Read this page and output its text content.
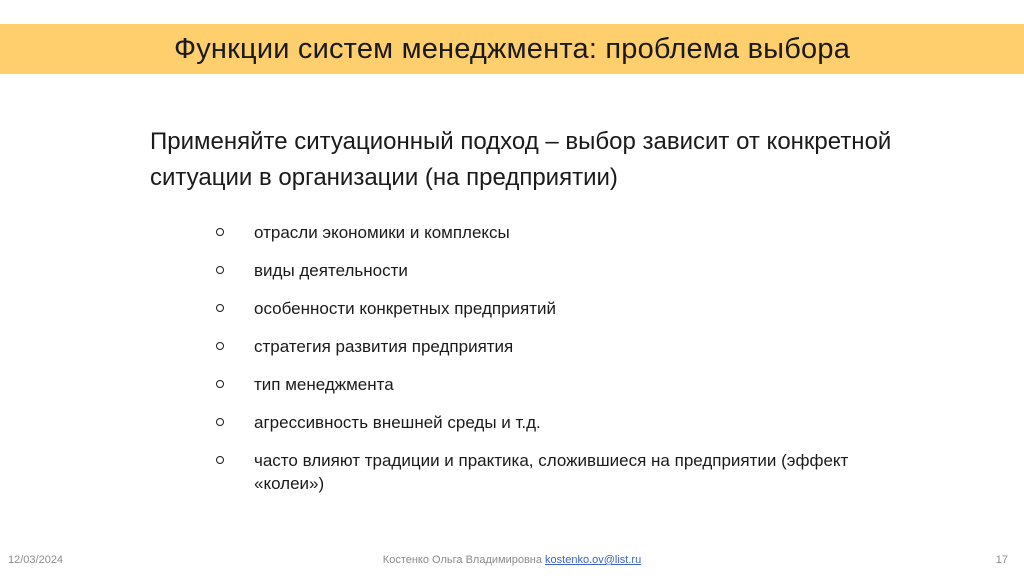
Функции систем менеджмента: проблема выбора
Применяйте ситуационный подход – выбор зависит от конкретной ситуации в организации (на предприятии)
отрасли экономики и комплексы
виды деятельности
особенности конкретных предприятий
стратегия развития предприятия
тип менеджмента
агрессивность внешней среды и т.д.
часто влияют традиции и практика, сложившиеся на предприятии (эффект «колеи»)
12/03/2024	Костенко Ольга Владимировна kostenko.ov@list.ru	17
